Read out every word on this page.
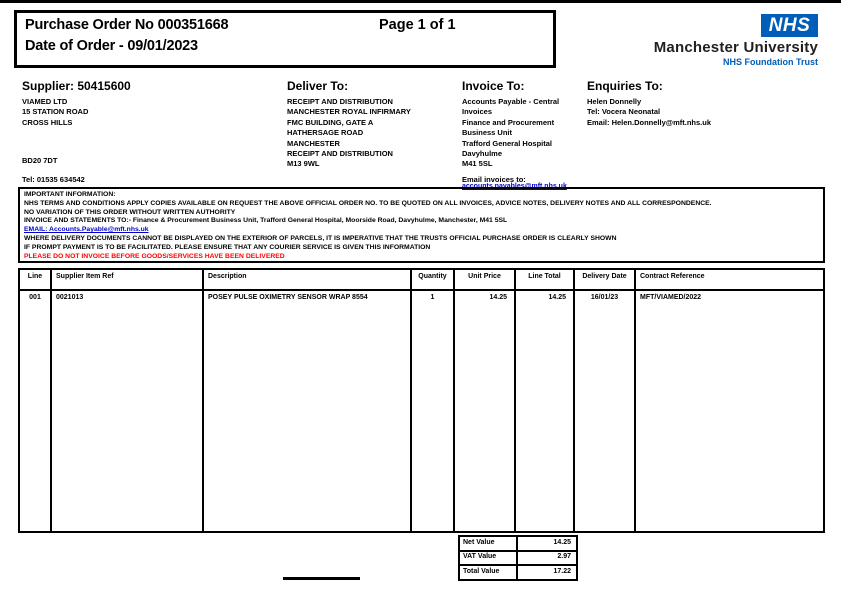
Purchase Order No 000351668	Page 1 of 1
Date of Order - 09/01/2023
NHS
Manchester University
NHS Foundation Trust
Supplier: 50415600
VIAMED LTD
15 STATION ROAD
CROSS HILLS
BD20 7DT
Tel: 01535 634542
Deliver To:
RECEIPT AND DISTRIBUTION
MANCHESTER ROYAL INFIRMARY
FMC BUILDING, GATE A
HATHERSAGE ROAD
MANCHESTER
RECEIPT AND DISTRIBUTION
M13 9WL
Invoice To:
Accounts Payable - Central
Invoices
Finance and Procurement
Business Unit
Trafford General Hospital
Davyhulme
M41 5SL
Email invoices to:
accounts.payables@mft.nhs.uk
Enquiries To:
Helen Donnelly
Tel: Vocera Neonatal
Email: Helen.Donnelly@mft.nhs.uk
IMPORTANT INFORMATION:
NHS TERMS AND CONDITIONS APPLY COPIES AVAILABLE ON REQUEST THE ABOVE OFFICIAL ORDER NO. TO BE QUOTED ON ALL INVOICES, ADVICE NOTES, DELIVERY NOTES AND ALL CORRESPONDENCE.
NO VARIATION OF THIS ORDER WITHOUT WRITTEN AUTHORITY
INVOICE AND STATEMENTS TO:- Finance & Procurement Business Unit, Trafford General Hospital, Moorside Road, Davyhulme, Manchester, M41 5SL
EMAIL: Accounts.Payable@mft.nhs.uk
WHERE DELIVERY DOCUMENTS CANNOT BE DISPLAYED ON THE EXTERIOR OF PARCELS, IT IS IMPERATIVE THAT THE TRUSTS OFFICIAL PURCHASE ORDER IS CLEARLY SHOWN
IF PROMPT PAYMENT IS TO BE FACILITATED. PLEASE ENSURE THAT ANY COURIER SERVICE IS GIVEN THIS INFORMATION
PLEASE DO NOT INVOICE BEFORE GOODS/SERVICES HAVE BEEN DELIVERED
Line	Supplier Item Ref	Description	Quantity	Unit Price	Line Total	Delivery Date	Contract Reference
001	0021013	POSEY PULSE OXIMETRY SENSOR WRAP 8554	1	14.25	14.25	16/01/23	MFT/VIAMED/2022
Net Value	14.25
VAT Value	2.97
Total Value	17.22
